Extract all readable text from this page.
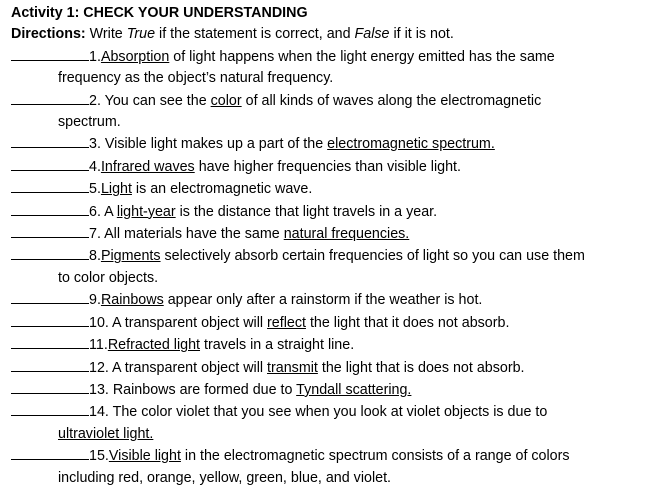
Activity 1: CHECK YOUR UNDERSTANDING
Directions: Write True if the statement is correct, and False if it is not.
1.Absorption of light happens when the light energy emitted has the same
frequency as the object’s natural frequency.
2. You can see the color of all kinds of waves along the electromagnetic
spectrum.
3. Visible light makes up a part of the electromagnetic spectrum.
4.Infrared waves have higher frequencies than visible light.
5.Light is an electromagnetic wave.
6. A light-year is the distance that light travels in a year.
7. All materials have the same natural frequencies.
8.Pigments selectively absorb certain frequencies of light so you can use them
to color objects.
9.Rainbows appear only after a rainstorm if the weather is hot.
10. A transparent object will reflect the light that it does not absorb.
11.Refracted light travels in a straight line.
12. A transparent object will transmit the light that is does not absorb.
13. Rainbows are formed due to Tyndall scattering.
14. The color violet that you see when you look at violet objects is due to
ultraviolet light.
15.Visible light in the electromagnetic spectrum consists of a range of colors
including red, orange, yellow, green, blue, and violet.
